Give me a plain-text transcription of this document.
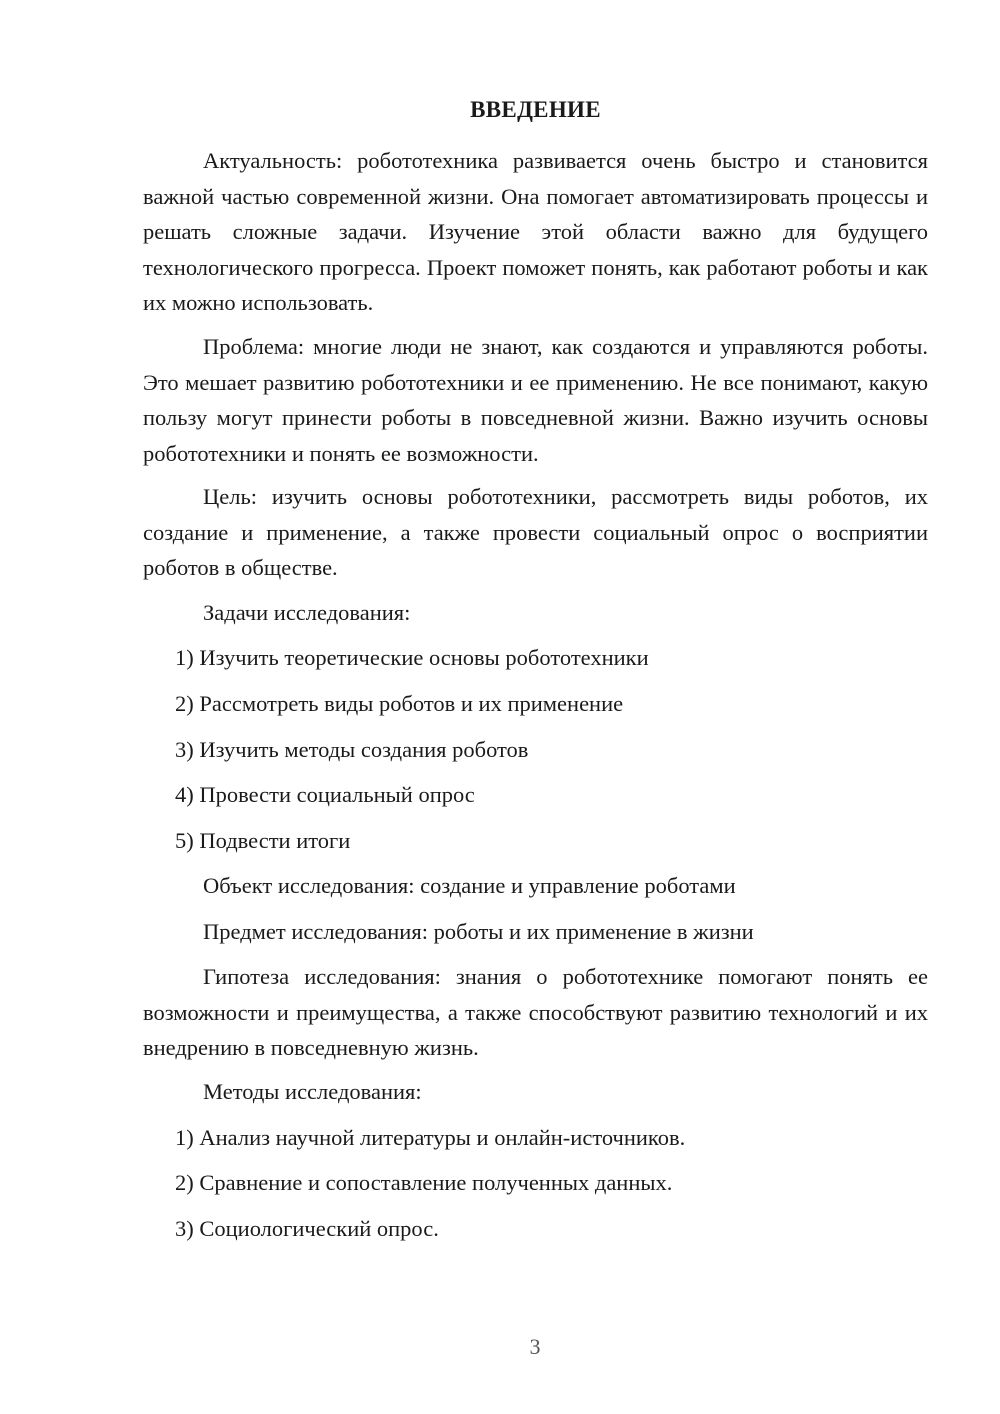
ВВЕДЕНИЕ

Актуальность: робототехника развивается очень быстро и становится важной частью современной жизни. Она помогает автоматизировать процессы и решать сложные задачи. Изучение этой области важно для будущего технологического прогресса. Проект поможет понять, как работают роботы и как их можно использовать.

Проблема: многие люди не знают, как создаются и управляются роботы. Это мешает развитию робототехники и ее применению. Не все понимают, какую пользу могут принести роботы в повседневной жизни. Важно изучить основы робототехники и понять ее возможности.

Цель: изучить основы робототехники, рассмотреть виды роботов, их создание и применение, а также провести социальный опрос о восприятии роботов в обществе.

Задачи исследования:

1) Изучить теоретические основы робототехники

2) Рассмотреть виды роботов и их применение

3) Изучить методы создания роботов

4) Провести социальный опрос

5) Подвести итоги

Объект исследования: создание и управление роботами

Предмет исследования: роботы и их применение в жизни

Гипотеза исследования: знания о робототехнике помогают понять ее возможности и преимущества, а также способствуют развитию технологий и их внедрению в повседневную жизнь.

Методы исследования:

1) Анализ научной литературы и онлайн-источников.

2) Сравнение и сопоставление полученных данных.

3) Социологический опрос.

3
